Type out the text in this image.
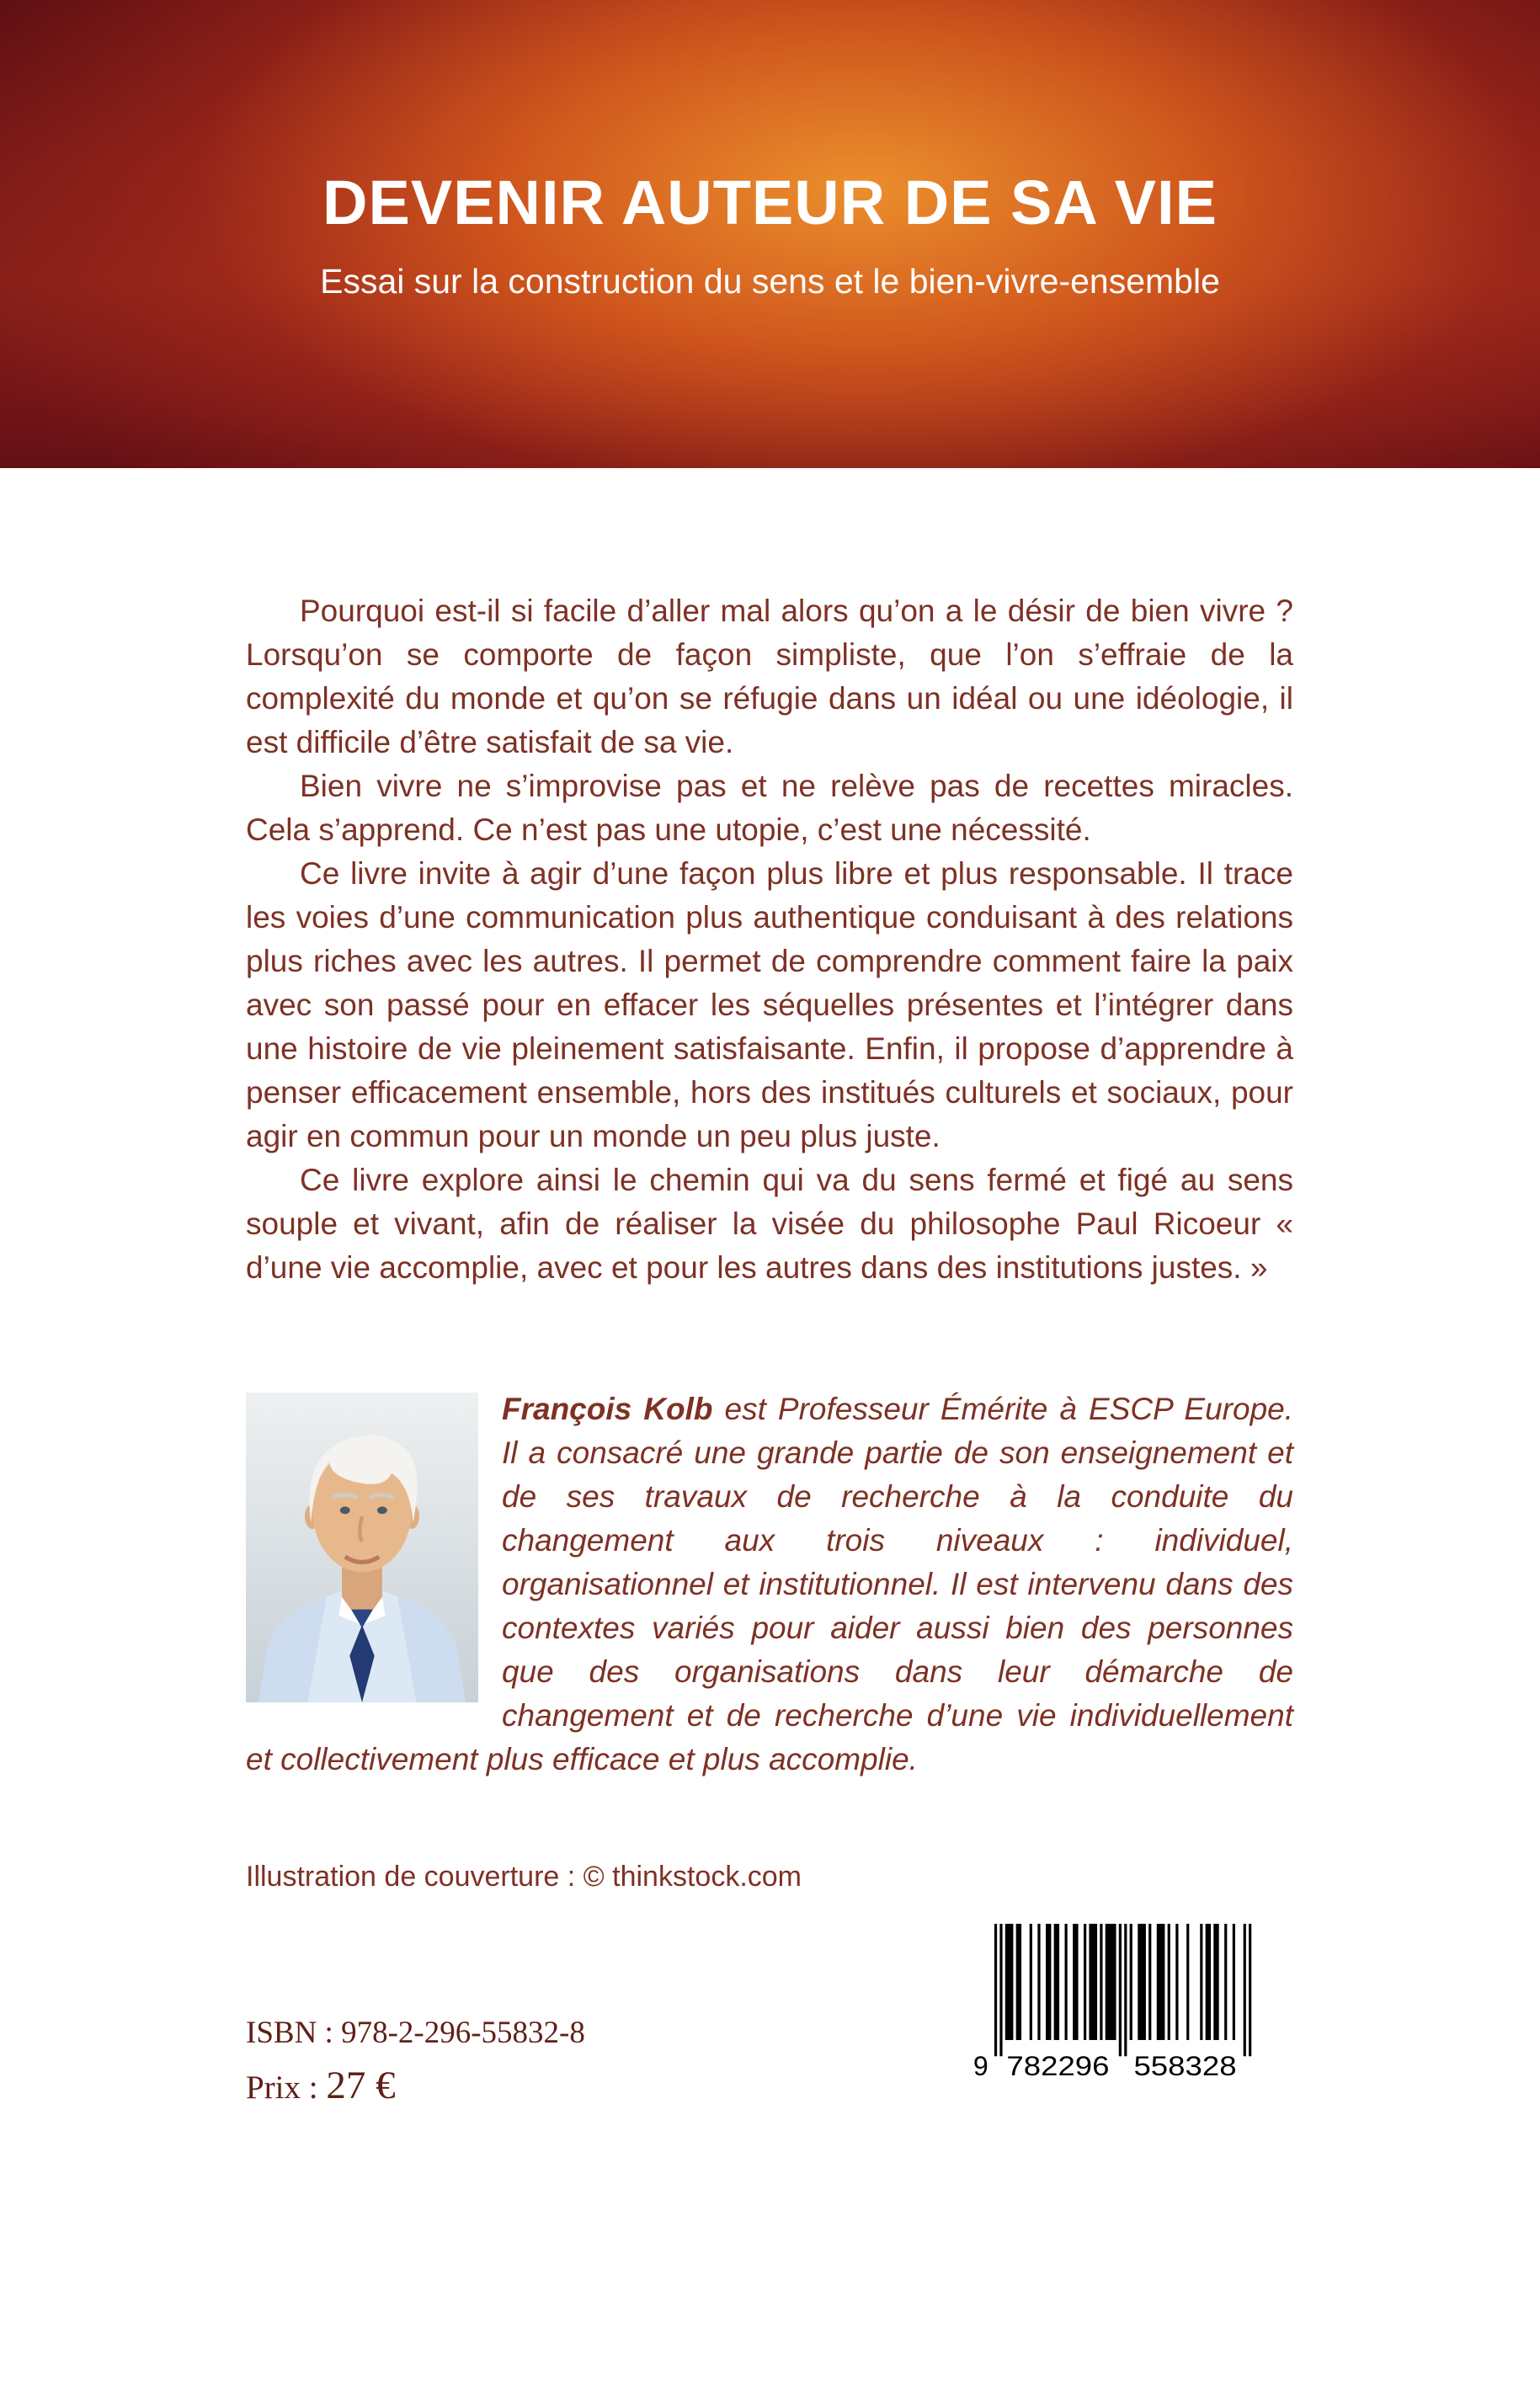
DEVENIR AUTEUR DE SA VIE
Essai sur la construction du sens et le bien-vivre-ensemble

Pourquoi est-il si facile d’aller mal alors qu’on a le désir de bien vivre ? Lorsqu’on se comporte de façon simpliste, que l’on s’effraie de la complexité du monde et qu’on se réfugie dans un idéal ou une idéologie, il est difficile d’être satisfait de sa vie.

Bien vivre ne s’improvise pas et ne relève pas de recettes miracles. Cela s’apprend. Ce n’est pas une utopie, c’est une nécessité.

Ce livre invite à agir d’une façon plus libre et plus responsable. Il trace les voies d’une communication plus authentique conduisant à des relations plus riches avec les autres. Il permet de comprendre comment faire la paix avec son passé pour en effacer les séquelles présentes et l’intégrer dans une histoire de vie pleinement satisfaisante. Enfin, il propose d’apprendre à penser efficacement ensemble, hors des institués culturels et sociaux, pour agir en commun pour un monde un peu plus juste.

Ce livre explore ainsi le chemin qui va du sens fermé et figé au sens souple et vivant, afin de réaliser la visée du philosophe Paul Ricoeur « d’une vie accomplie, avec et pour les autres dans des institutions justes. »

François Kolb est Professeur Émérite à ESCP Europe. Il a consacré une grande partie de son enseignement et de ses travaux de recherche à la conduite du changement aux trois niveaux : individuel, organisationnel et institutionnel. Il est intervenu dans des contextes variés pour aider aussi bien des personnes que des organisations dans leur démarche de changement et de recherche d’une vie individuellement et collectivement plus efficace et plus accomplie.

Illustration de couverture : © thinkstock.com

ISBN : 978-2-296-55832-8

Prix : 27 €	9 782296	558328
